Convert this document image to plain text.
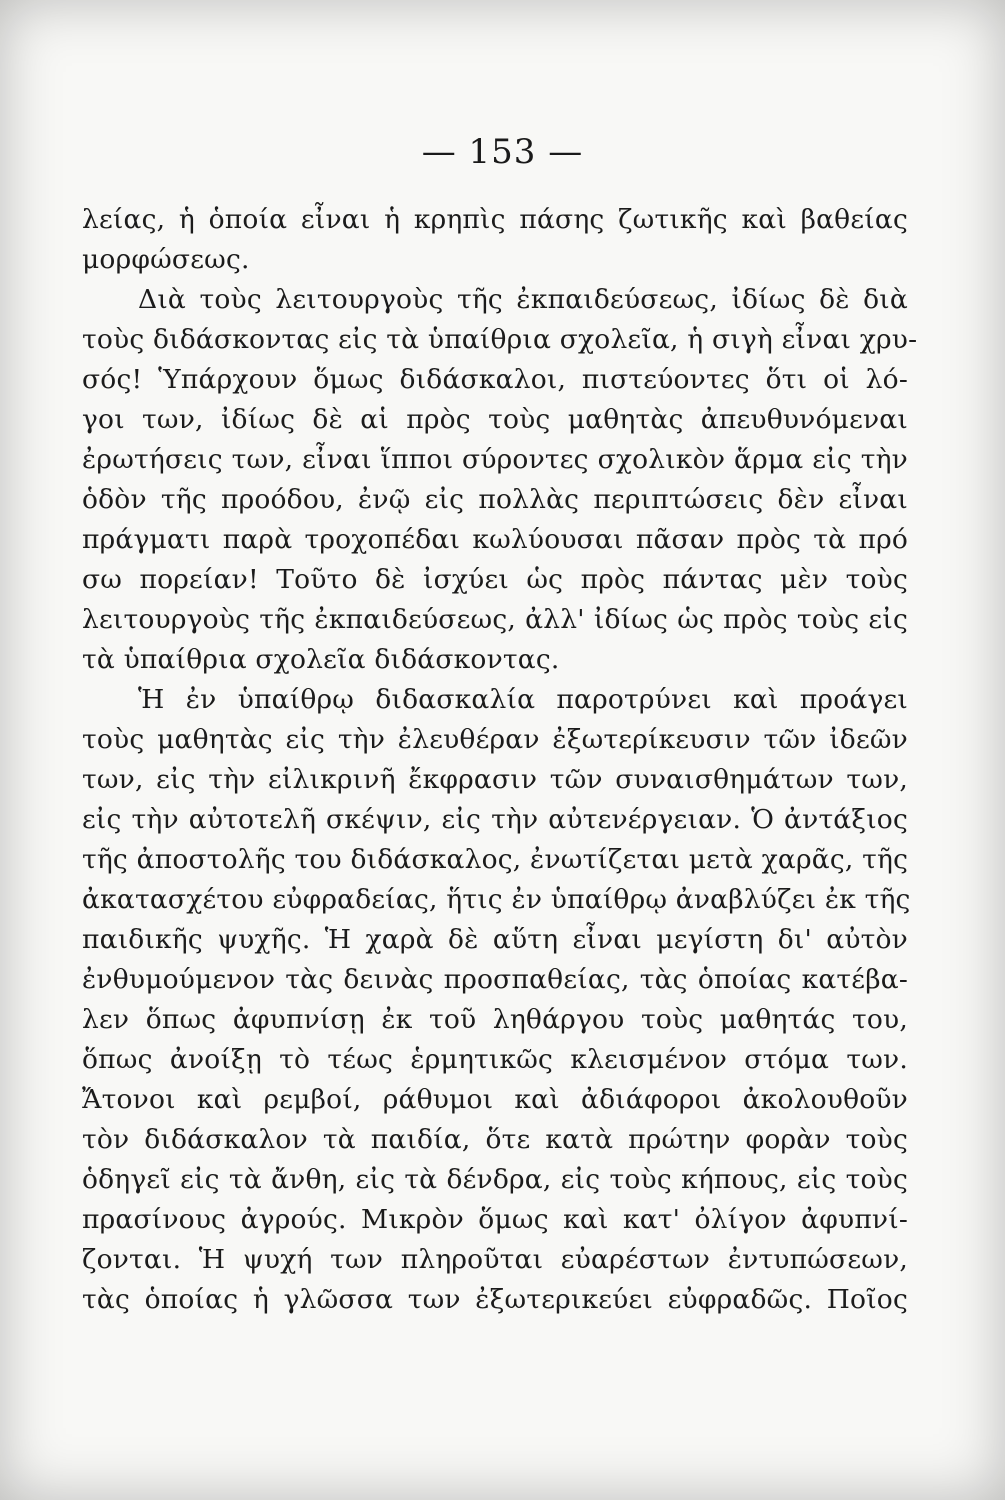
— 153 —
λείας, ἡ ὁποία εἶναι ἡ κρηπὶς πάσης ζωτικῆς καὶ βαθείας
μορφώσεως.
Διὰ τοὺς λειτουργοὺς τῆς ἐκπαιδεύσεως, ἰδίως δὲ διὰ
τοὺς διδάσκοντας εἰς τὰ ὑπαίθρια σχολεῖα, ἡ σιγὴ εἶναι χρυ-
σός! Ὑπάρχουν ὅμως διδάσκαλοι, πιστεύοντες ὅτι οἱ λό-
γοι των, ἰδίως δὲ αἱ πρὸς τοὺς μαθητὰς ἀπευθυνόμεναι
ἐρωτήσεις των, εἶναι ἵπποι σύροντες σχολικὸν ἅρμα εἰς τὴν
ὁδὸν τῆς προόδου, ἐνῷ εἰς πολλὰς περιπτώσεις δὲν εἶναι
πράγματι παρὰ τροχοπέδαι κωλύουσαι πᾶσαν πρὸς τὰ πρό
σω πορείαν! Τοῦτο δὲ ἰσχύει ὡς πρὸς πάντας μὲν τοὺς
λειτουργοὺς τῆς ἐκπαιδεύσεως, ἀλλ' ἰδίως ὡς πρὸς τοὺς εἰς
τὰ ὑπαίθρια σχολεῖα διδάσκοντας.
Ἡ ἐν ὑπαίθρῳ διδασκαλία παροτρύνει καὶ προάγει
τοὺς μαθητὰς εἰς τὴν ἐλευθέραν ἐξωτερίκευσιν τῶν ἰδεῶν
των, εἰς τὴν εἰλικρινῆ ἔκφρασιν τῶν συναισθημάτων των,
εἰς τὴν αὐτοτελῆ σκέψιν, εἰς τὴν αὐτενέργειαν. Ὁ ἀντάξιος
τῆς ἀποστολῆς του διδάσκαλος, ἐνωτίζεται μετὰ χαρᾶς, τῆς
ἀκατασχέτου εὐφραδείας, ἥτις ἐν ὑπαίθρῳ ἀναβλύζει ἐκ τῆς
παιδικῆς ψυχῆς. Ἡ χαρὰ δὲ αὕτη εἶναι μεγίστη δι' αὐτὸν
ἐνθυμούμενον τὰς δεινὰς προσπαθείας, τὰς ὁποίας κατέβα-
λεν ὅπως ἀφυπνίσῃ ἐκ τοῦ ληθάργου τοὺς μαθητάς του,
ὅπως ἀνοίξῃ τὸ τέως ἑρμητικῶς κλεισμένον στόμα των.
Ἄτονοι καὶ ρεμβοί, ράθυμοι καὶ ἀδιάφοροι ἀκολουθοῦν
τὸν διδάσκαλον τὰ παιδία, ὅτε κατὰ πρώτην φορὰν τοὺς
ὁδηγεῖ εἰς τὰ ἄνθη, εἰς τὰ δένδρα, εἰς τοὺς κήπους, εἰς τοὺς
πρασίνους ἀγρούς. Μικρὸν ὅμως καὶ κατ' ὀλίγον ἀφυπνί-
ζονται. Ἡ ψυχή των πληροῦται εὐαρέστων ἐντυπώσεων,
τὰς ὁποίας ἡ γλῶσσα των ἐξωτερικεύει εὐφραδῶς. Ποῖος
